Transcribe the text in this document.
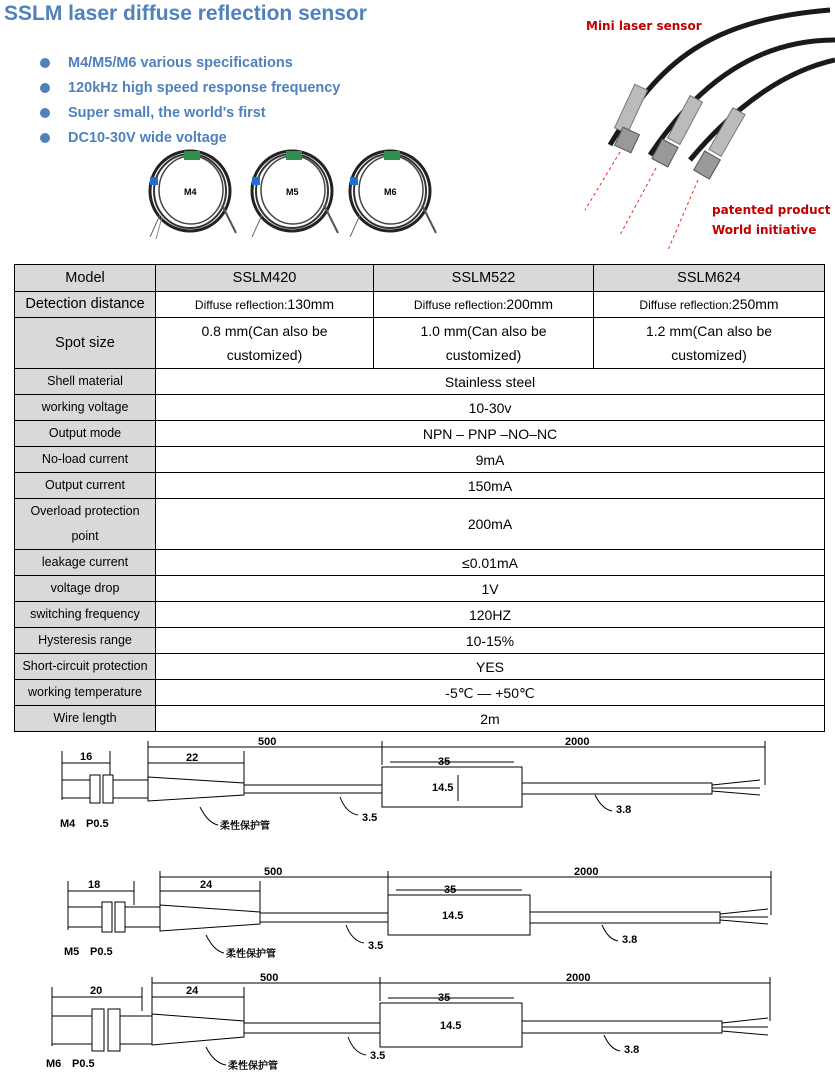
SSLM laser diffuse reflection sensor
M4/M5/M6 various specifications
120kHz high speed response frequency
Super small, the world's first
DC10-30V wide voltage
M4	M5	M6
Mini laser sensor
patented product
World initiative
Model	SSLM420	SSLM522	SSLM624
Detection distance	Diffuse reflection:130mm	Diffuse reflection:200mm	Diffuse reflection:250mm
Spot size	0.8 mm(Can also be customized)	1.0 mm(Can also be customized)	1.2 mm(Can also be customized)
Shell material	Stainless steel		
working voltage	10-30v		
Output mode	NPN – PNP –NO–NC		
No-load current	9mA		
Output current	150mA		
Overload protection point	200mA		
leakage current	≤0.01mA		
voltage drop	1V		
switching frequency	120HZ		
Hysteresis range	10-15%		
Short-circuit protection	YES		
working temperature	-5℃ — +50℃		
Wire length	2m		
16	22
500	2000
35
14.5
3.5
3.8
M4 P0.5	柔性保护管
18	24
500	2000
35
14.5
3.5	3.8
M5 P0.5	柔性保护管
20	24
500	2000
35
14.5
3.5	3.8
M6 P0.5	柔性保护管
